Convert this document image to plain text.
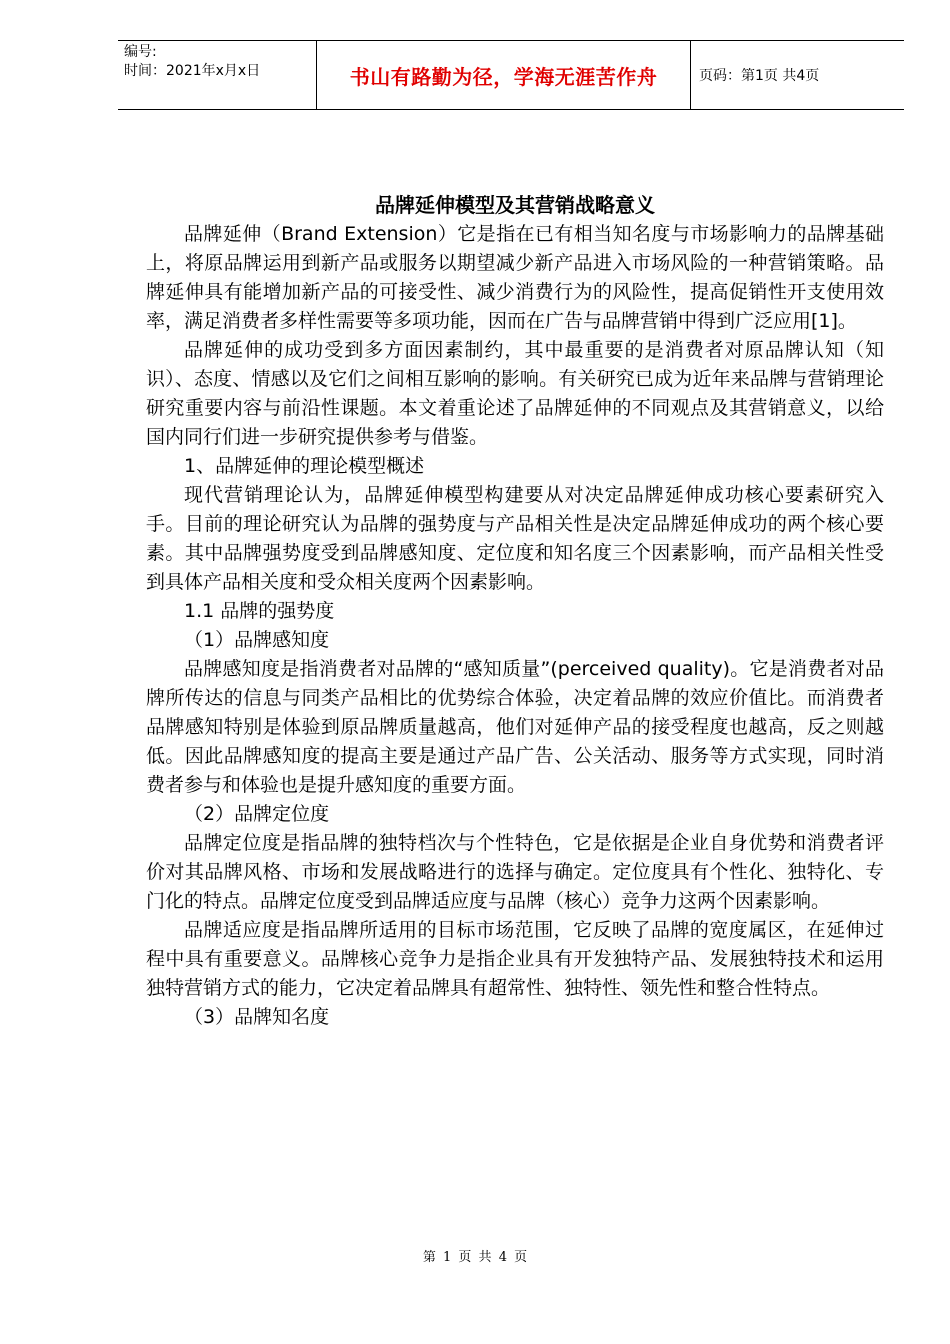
编号:
时间：2021年x月x日	书山有路勤为径，学海无涯苦作舟	页码：第1页 共4页

品牌延伸模型及其营销战略意义

品牌延伸（Brand Extension）它是指在已有相当知名度与市场影响力的品牌基础上，将原品牌运用到新产品或服务以期望减少新产品进入市场风险的一种营销策略。品牌延伸具有能增加新产品的可接受性、减少消费行为的风险性，提高促销性开支使用效率，满足消费者多样性需要等多项功能，因而在广告与品牌营销中得到广泛应用[1]。

品牌延伸的成功受到多方面因素制约，其中最重要的是消费者对原品牌认知（知识）、态度、情感以及它们之间相互影响的影响。有关研究已成为近年来品牌与营销理论研究重要内容与前沿性课题。本文着重论述了品牌延伸的不同观点及其营销意义，以给国内同行们进一步研究提供参考与借鉴。

1、品牌延伸的理论模型概述

现代营销理论认为，品牌延伸模型构建要从对决定品牌延伸成功核心要素研究入手。目前的理论研究认为品牌的强势度与产品相关性是决定品牌延伸成功的两个核心要素。其中品牌强势度受到品牌感知度、定位度和知名度三个因素影响，而产品相关性受到具体产品相关度和受众相关度两个因素影响。

1.1 品牌的强势度

（1）品牌感知度

品牌感知度是指消费者对品牌的“感知质量”(perceived quality)。它是消费者对品牌所传达的信息与同类产品相比的优势综合体验，决定着品牌的效应价值比。而消费者品牌感知特别是体验到原品牌质量越高，他们对延伸产品的接受程度也越高，反之则越低。因此品牌感知度的提高主要是通过产品广告、公关活动、服务等方式实现，同时消费者参与和体验也是提升感知度的重要方面。

（2）品牌定位度

品牌定位度是指品牌的独特档次与个性特色，它是依据是企业自身优势和消费者评价对其品牌风格、市场和发展战略进行的选择与确定。定位度具有个性化、独特化、专门化的特点。品牌定位度受到品牌适应度与品牌（核心）竞争力这两个因素影响。

品牌适应度是指品牌所适用的目标市场范围，它反映了品牌的宽度属区，在延伸过程中具有重要意义。品牌核心竞争力是指企业具有开发独特产品、发展独特技术和运用独特营销方式的能力，它决定着品牌具有超常性、独特性、领先性和整合性特点。

（3）品牌知名度

第 1 页 共 4 页
